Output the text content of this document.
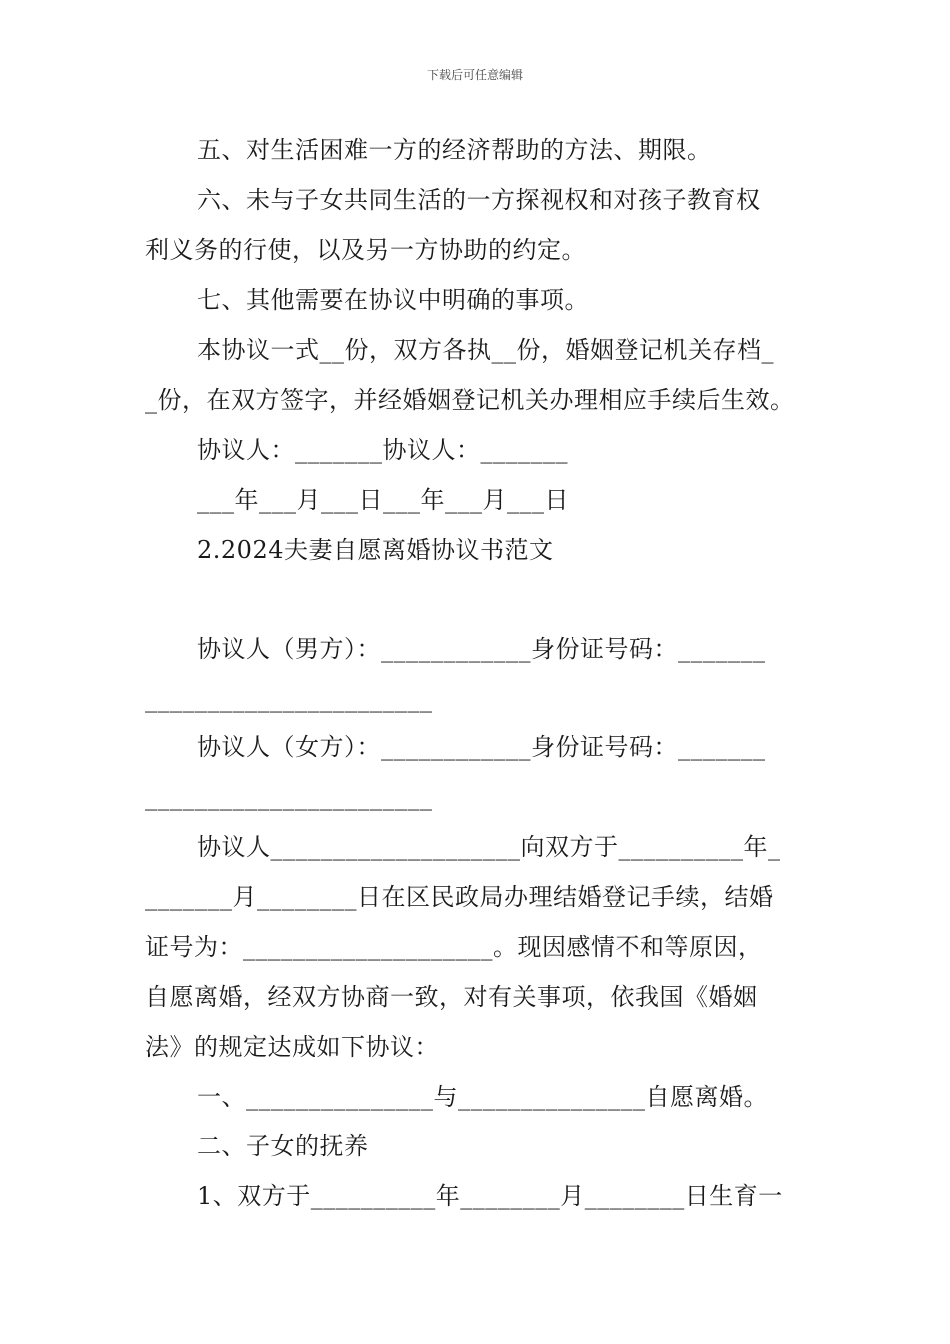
下载后可任意编辑
五、对生活困难一方的经济帮助的方法、期限。
六、未与子女共同生活的一方探视权和对孩子教育权
利义务的行使，以及另一方协助的约定。
七、其他需要在协议中明确的事项。
本协议一式__份，双方各执__份，婚姻登记机关存档_
_份，在双方签字，并经婚姻登记机关办理相应手续后生效。
协议人：_______协议人：_______
___年___月___日___年___月___日
2.2024夫妻自愿离婚协议书范文
协议人（男方）：____________身份证号码：_______
_______________________
协议人（女方）：____________身份证号码：_______
_______________________
协议人____________________向双方于__________年_
_______月________日在区民政局办理结婚登记手续，结婚
证号为：____________________。现因感情不和等原因，
自愿离婚，经双方协商一致，对有关事项，依我国《婚姻
法》的规定达成如下协议：
一、_______________与_______________自愿离婚。
二、子女的抚养
1、双方于__________年________月________日生育一
